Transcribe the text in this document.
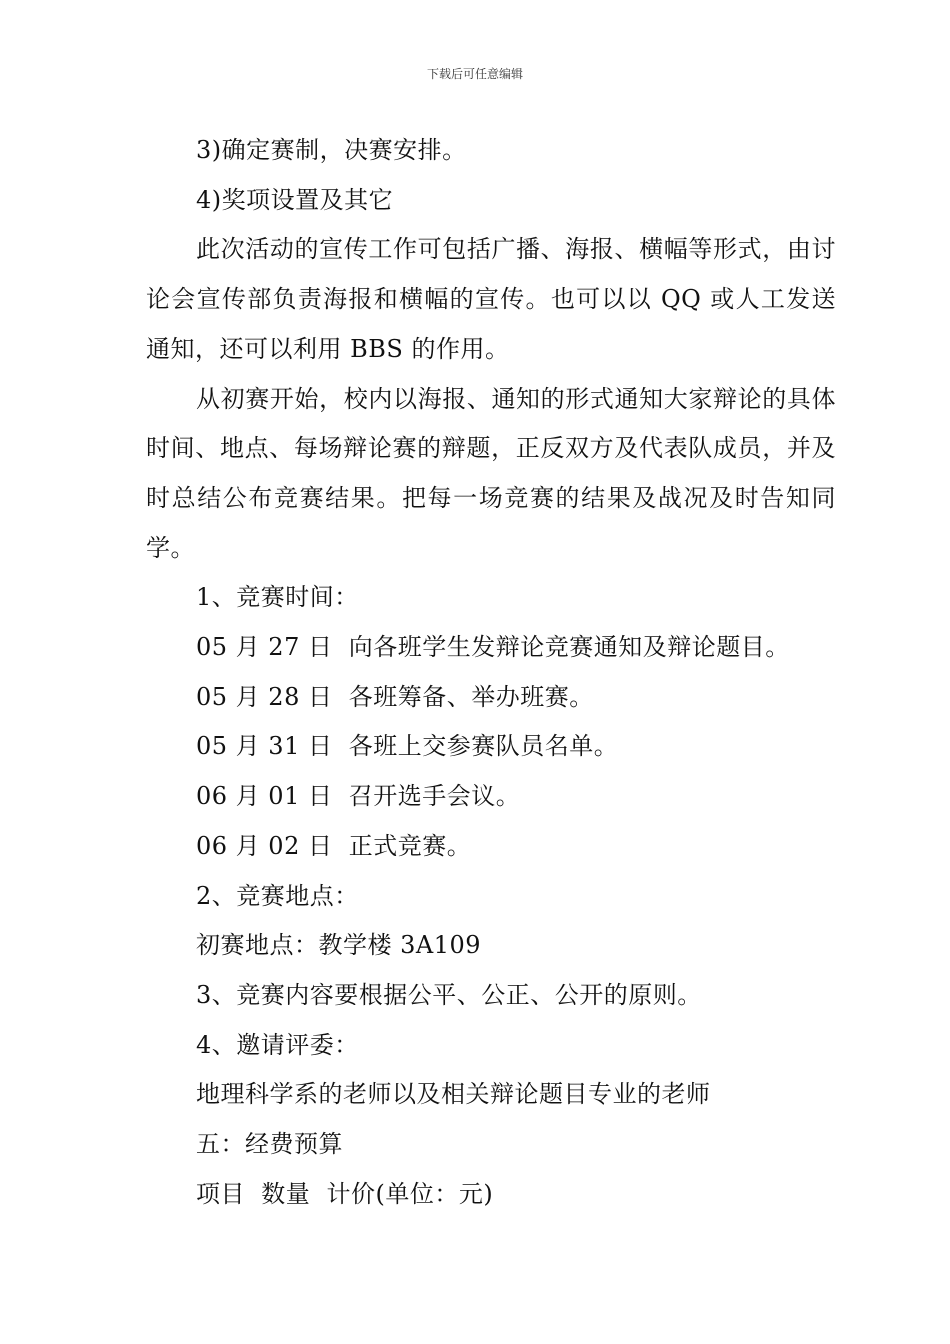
下载后可任意编辑

3)确定赛制，决赛安排。

4)奖项设置及其它

此次活动的宣传工作可包括广播、海报、横幅等形式，由讨论会宣传部负责海报和横幅的宣传。也可以以 QQ 或人工发送通知，还可以利用 BBS 的作用。

从初赛开始，校内以海报、通知的形式通知大家辩论的具体时间、地点、每场辩论赛的辩题，正反双方及代表队成员，并及时总结公布竞赛结果。把每一场竞赛的结果及战况及时告知同学。

1、竞赛时间：

05 月 27 日  向各班学生发辩论竞赛通知及辩论题目。

05 月 28 日  各班筹备、举办班赛。

05 月 31 日  各班上交参赛队员名单。

06 月 01 日  召开选手会议。

06 月 02 日  正式竞赛。

2、竞赛地点：

初赛地点：教学楼 3A109

3、竞赛内容要根据公平、公正、公开的原则。

4、邀请评委：

地理科学系的老师以及相关辩论题目专业的老师

五：经费预算

项目  数量  计价(单位：元)
